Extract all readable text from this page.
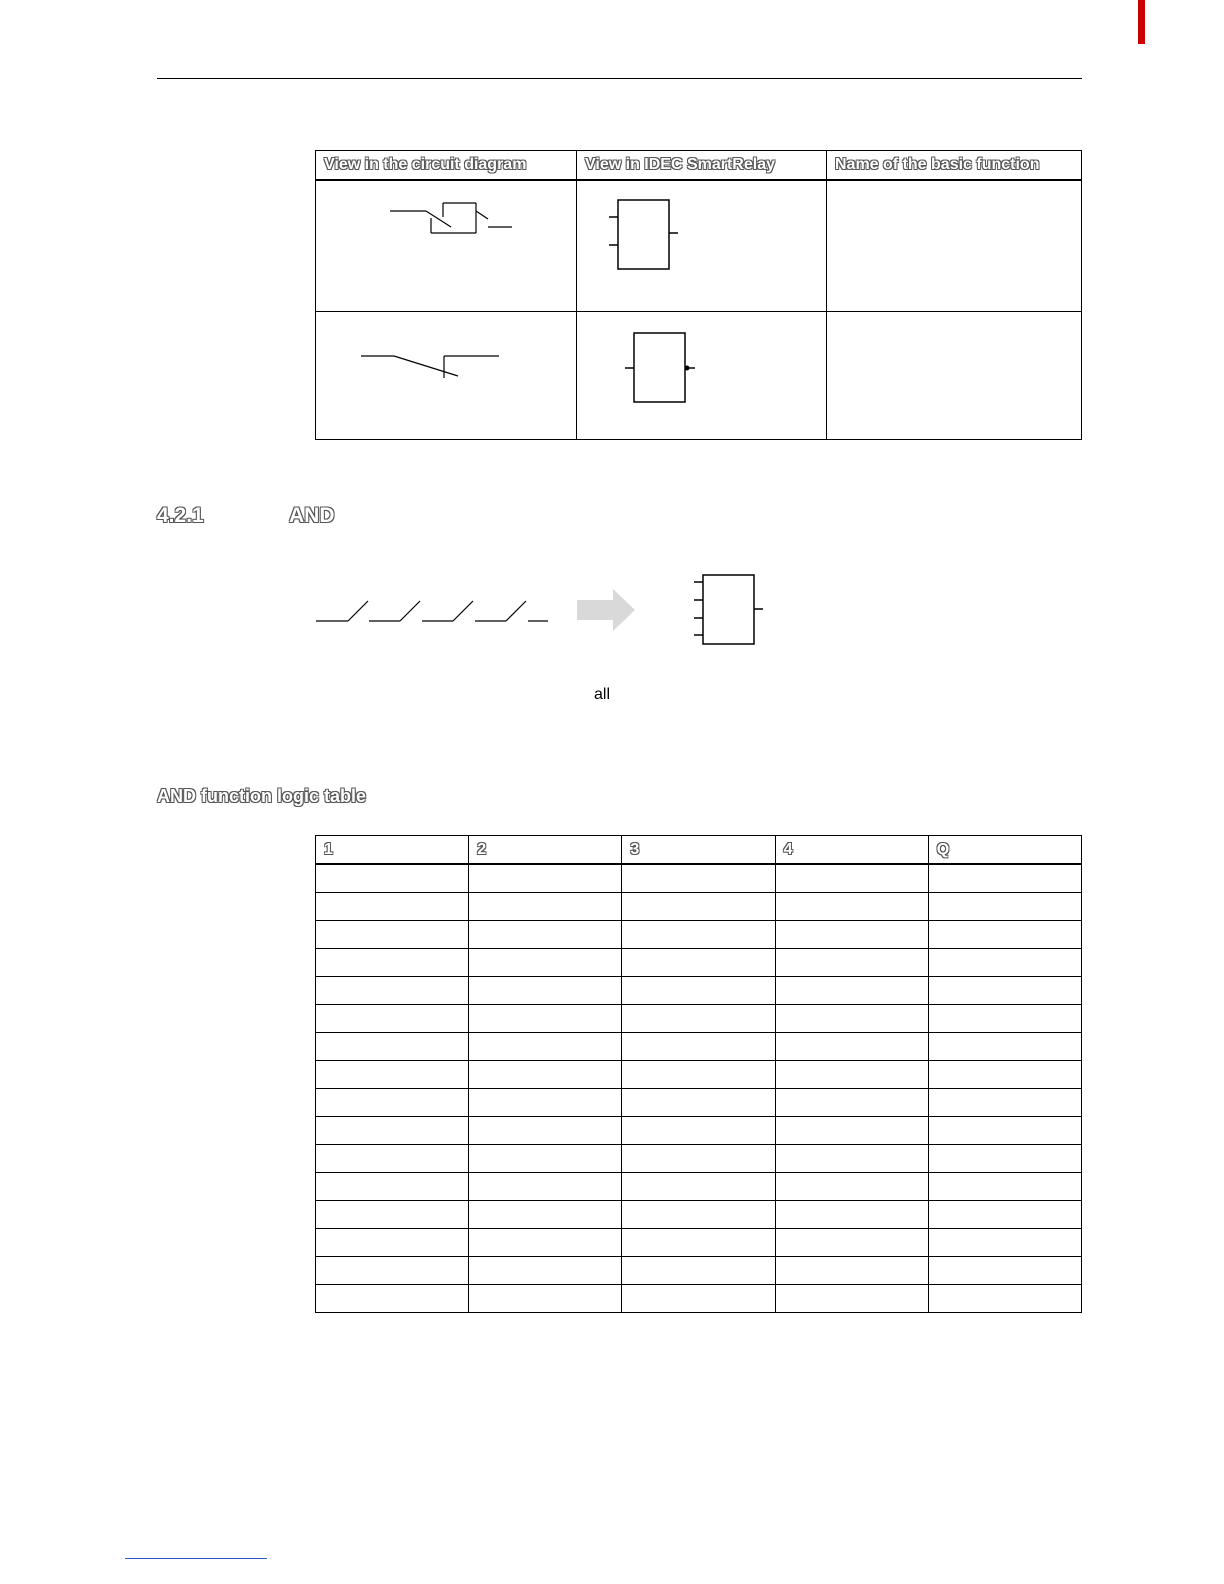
View in the circuit diagram	View in IDEC SmartRelay	Name of the basic function

4.2.1	AND
all
AND function logic table
1	2	3	4	Q
